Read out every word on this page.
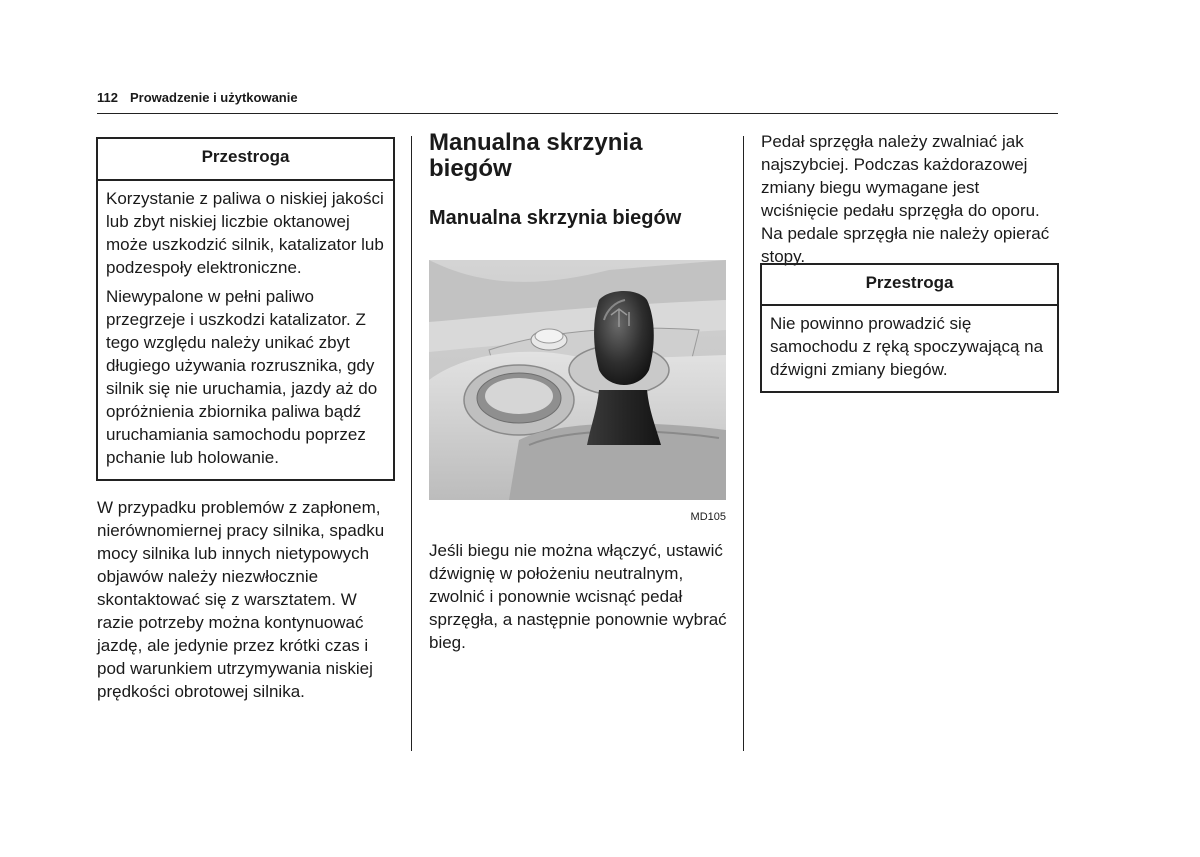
112 Prowadzenie i użytkowanie
Przestroga

Korzystanie z paliwa o niskiej jakości lub zbyt niskiej liczbie oktanowej może uszkodzić silnik, katalizator lub podzespoły elektroniczne.

Niewypalone w pełni paliwo przegrzeje i uszkodzi katalizator. Z tego względu należy unikać zbyt długiego używania rozrusznika, gdy silnik się nie uruchamia, jazdy aż do opróżnienia zbiornika paliwa bądź uruchamiania samochodu poprzez pchanie lub holowanie.

W przypadku problemów z zapłonem, nierównomiernej pracy silnika, spadku mocy silnika lub innych nietypowych objawów należy niezwłocznie skontaktować się z warsztatem. W razie potrzeby można kontynuować jazdę, ale jedynie przez krótki czas i pod warunkiem utrzymywania niskiej prędkości obrotowej silnika.

Manualna skrzynia biegów
Manualna skrzynia biegów
MD105

Jeśli biegu nie można włączyć, ustawić dźwignię w położeniu neutralnym, zwolnić i ponownie wcisnąć pedał sprzęgła, a następnie ponownie wybrać bieg.

Pedał sprzęgła należy zwalniać jak najszybciej. Podczas każdorazowej zmiany biegu wymagane jest wciśnięcie pedału sprzęgła do oporu. Na pedale sprzęgła nie należy opierać stopy.

Przestroga

Nie powinno prowadzić się samochodu z ręką spoczywającą na dźwigni zmiany biegów.
